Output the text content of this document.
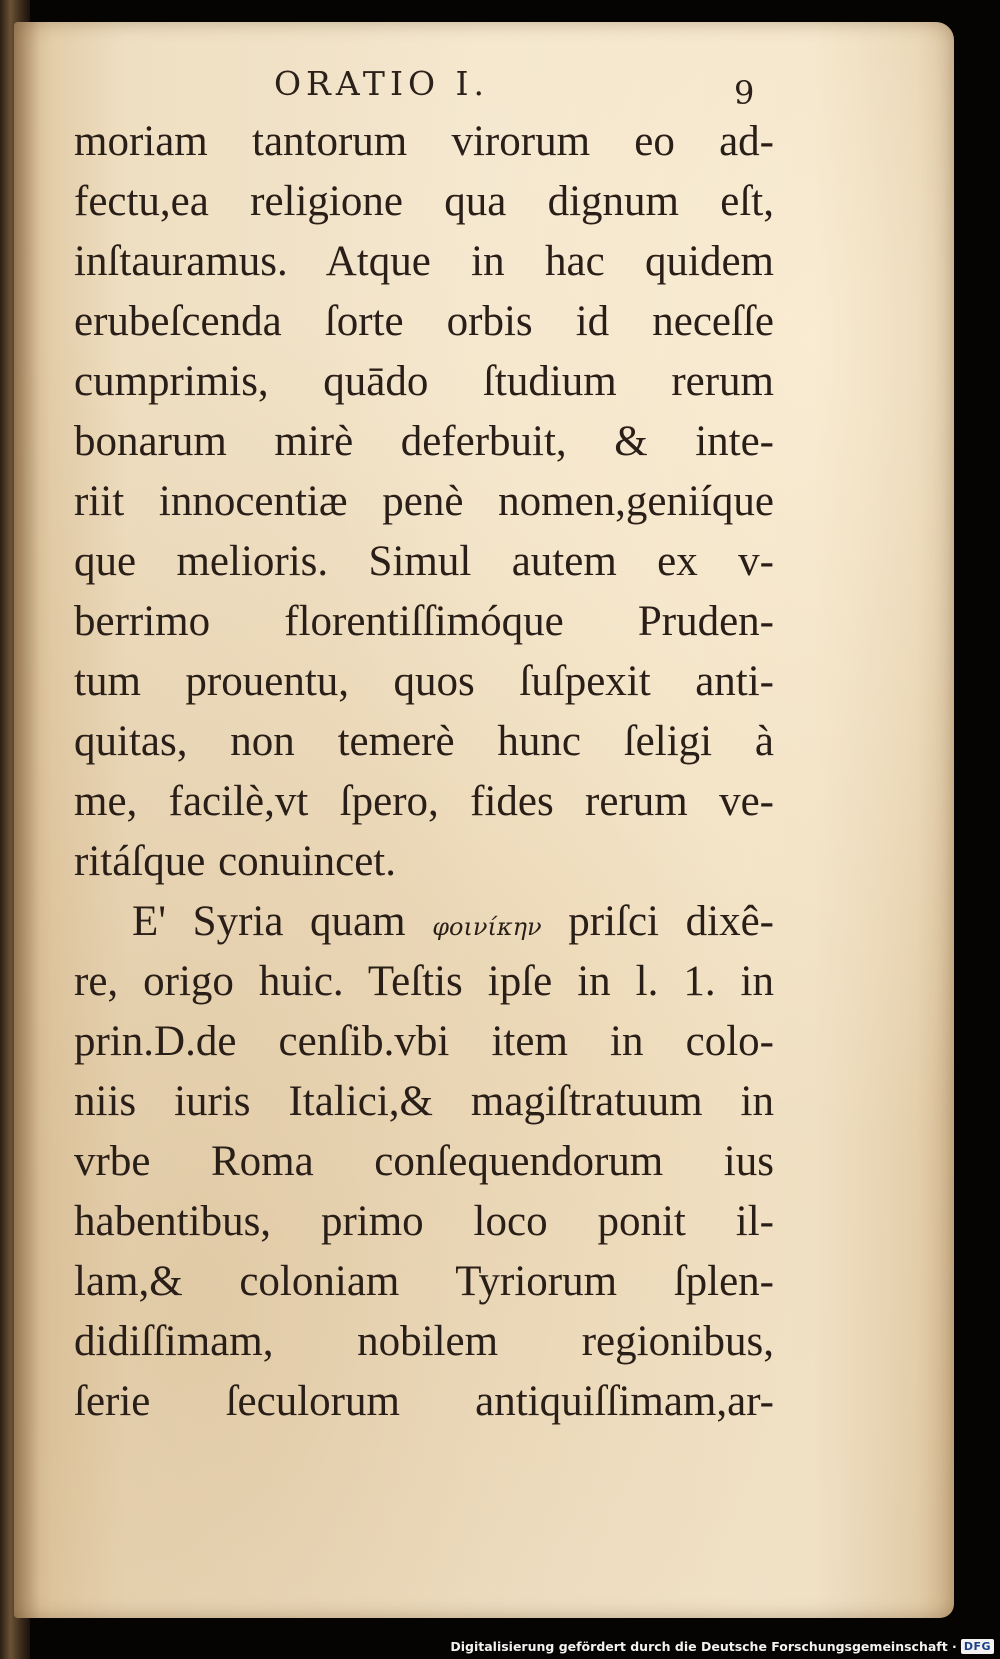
ORATIO I.	9
moriam tantorum virorum eo ad-
fectu,ea religione qua dignum eſt,
inſtauramus. Atque in hac quidem
erubeſcenda ſorte orbis id neceſſe
cumprimis, quādo ſtudium rerum
bonarum mirè deferbuit, & inte-
riit innocentiæ penè nomen,geniíque
que melioris. Simul autem ex v-
berrimo florentiſſimóque Pruden-
tum prouentu, quos ſuſpexit anti-
quitas, non temerè hunc ſeligi à
me, facilè,vt ſpero, fides rerum ve-
ritáſque conuincet.
E' Syria quam φοινίκην priſci dixê-
re, origo huic. Teſtis ipſe in l. 1. in
prin.D.de cenſib.vbi item in colo-
niis iuris Italici,& magiſtratuum in
vrbe Roma conſequendorum ius
habentibus, primo loco ponit il-
lam,& coloniam Tyriorum ſplen-
didiſſimam, nobilem regionibus,
ſerie ſeculorum antiquiſſimam,ar-
Digitalisierung gefördert durch die Deutsche Forschungsgemeinschaft · DFG
